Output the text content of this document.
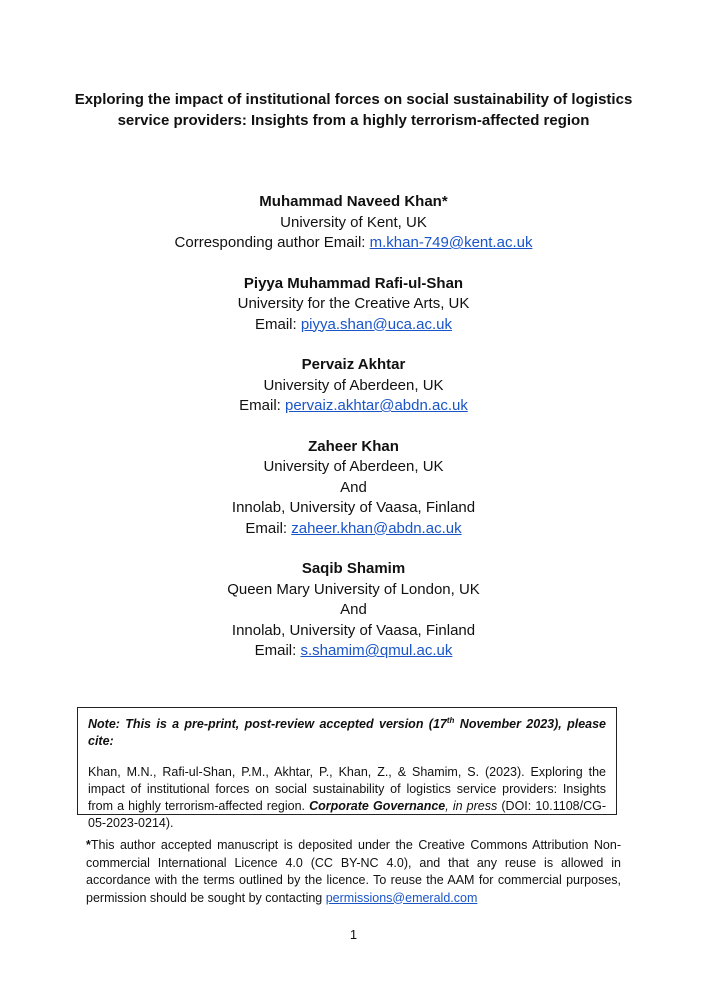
Exploring the impact of institutional forces on social sustainability of logistics
service providers: Insights from a highly terrorism-affected region
Muhammad Naveed Khan*
University of Kent, UK
Corresponding author Email: m.khan-749@kent.ac.uk
Piyya Muhammad Rafi-ul-Shan
University for the Creative Arts, UK
Email: piyya.shan@uca.ac.uk
Pervaiz Akhtar
University of Aberdeen, UK
Email: pervaiz.akhtar@abdn.ac.uk
Zaheer Khan
University of Aberdeen, UK
And
Innolab, University of Vaasa, Finland
Email: zaheer.khan@abdn.ac.uk
Saqib Shamim
Queen Mary University of London, UK
And
Innolab, University of Vaasa, Finland
Email: s.shamim@qmul.ac.uk
Note: This is a pre-print, post-review accepted version (17th November 2023), please cite:
Khan, M.N., Rafi-ul-Shan, P.M., Akhtar, P., Khan, Z., & Shamim, S. (2023). Exploring the impact of institutional forces on social sustainability of logistics service providers: Insights from a highly terrorism-affected region. Corporate Governance, in press (DOI: 10.1108/CG-05-2023-0214).
*This author accepted manuscript is deposited under the Creative Commons Attribution Non-commercial International Licence 4.0 (CC BY-NC 4.0), and that any reuse is allowed in accordance with the terms outlined by the licence. To reuse the AAM for commercial purposes, permission should be sought by contacting permissions@emerald.com
1
